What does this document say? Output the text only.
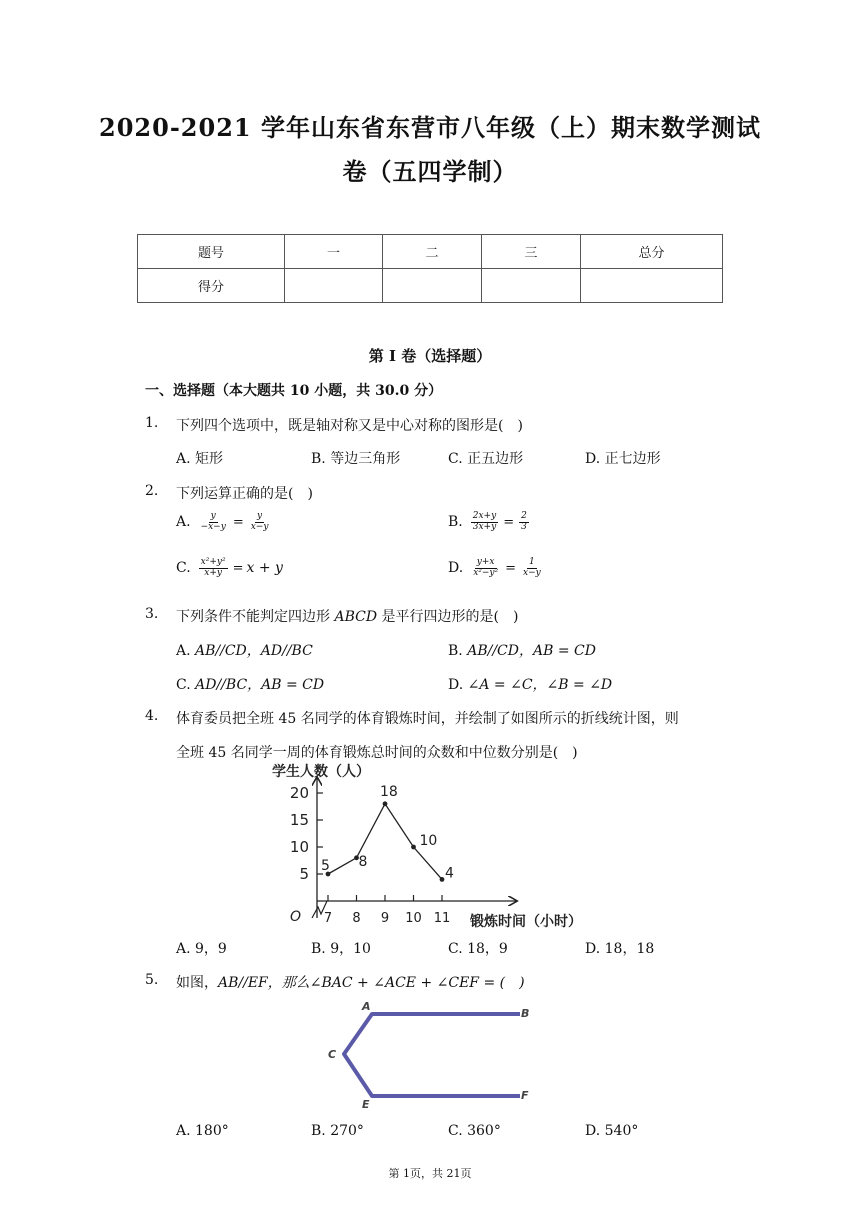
2020-2021 学年山东省东营市八年级（上）期末数学测试
卷（五四学制）
题号	一	二	三	总分
得分				
第 I 卷（选择题）
一、选择题（本大题共 10 小题，共 30.0 分）
1. 下列四个选项中，既是轴对称又是中心对称的图形是(　)
A. 矩形	B. 等边三角形	C. 正五边形	D. 正七边形
2. 下列运算正确的是(　)
A. $\frac{y}{-x-y} = \frac{y}{x-y}$	B. $\frac{2x+y}{3x+y} = \frac{2}{3}$
C. $\frac{\text{x²+y²}}{x+y} = x + y$	D. $\frac{y+x}{\text{x²−y²}} = \frac{1}{x-y}$
3. 下列条件不能判定四边形 ABCD 是平行四边形的是(　)
A. AB//CD，AD//BC	B. AB//CD，AB = CD
C. AD//BC，AB = CD	D. ∠A = ∠C，∠B = ∠D
4. 体育委员把全班 45 名同学的体育锻炼时间，并绘制了如图所示的折线统计图，则
全班 45 名同学一周的体育锻炼总时间的众数和中位数分别是(　)
学生人数（人）
O	锻炼时间（小时）
20
15
10
5
7 8 9 10 11
5 8
18
10
4
A. 9，9	B. 9，10	C. 18，9	D. 18，18
5. 如图，AB//EF，那么∠BAC + ∠ACE + ∠CEF = (　)
A
B
C
E
F
A. 180°	B. 270°	C. 360°	D. 540°
第 1页，共 21页
